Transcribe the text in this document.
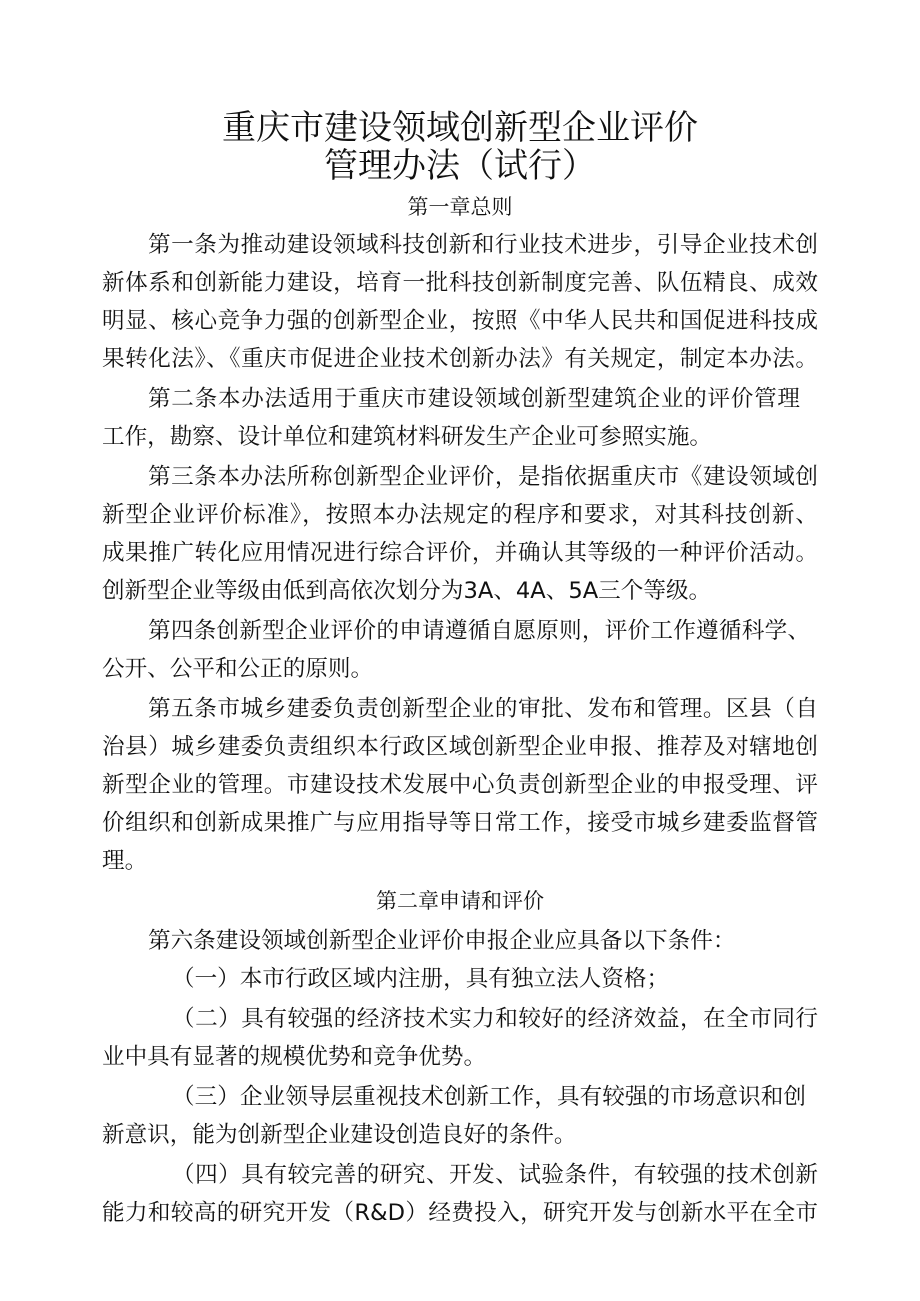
重庆市建设领域创新型企业评价
管理办法（试行）
第一章总则
第一条为推动建设领域科技创新和行业技术进步，引导企业技术创
新体系和创新能力建设，培育一批科技创新制度完善、队伍精良、成效
明显、核心竞争力强的创新型企业，按照《中华人民共和国促进科技成
果转化法》、《重庆市促进企业技术创新办法》有关规定，制定本办法。
第二条本办法适用于重庆市建设领域创新型建筑企业的评价管理
工作，勘察、设计单位和建筑材料研发生产企业可参照实施。
第三条本办法所称创新型企业评价，是指依据重庆市《建设领域创
新型企业评价标准》，按照本办法规定的程序和要求，对其科技创新、
成果推广转化应用情况进行综合评价，并确认其等级的一种评价活动。
创新型企业等级由低到高依次划分为3A、4A、5A三个等级。
第四条创新型企业评价的申请遵循自愿原则，评价工作遵循科学、
公开、公平和公正的原则。
第五条市城乡建委负责创新型企业的审批、发布和管理。区县（自
治县）城乡建委负责组织本行政区域创新型企业申报、推荐及对辖地创
新型企业的管理。市建设技术发展中心负责创新型企业的申报受理、评
价组织和创新成果推广与应用指导等日常工作，接受市城乡建委监督管
理。
第二章申请和评价
第六条建设领域创新型企业评价申报企业应具备以下条件：
（一）本市行政区域内注册，具有独立法人资格；
（二）具有较强的经济技术实力和较好的经济效益，在全市同行
业中具有显著的规模优势和竞争优势。
（三）企业领导层重视技术创新工作，具有较强的市场意识和创
新意识，能为创新型企业建设创造良好的条件。
（四）具有较完善的研究、开发、试验条件，有较强的技术创新
能力和较高的研究开发（R&D）经费投入，研究开发与创新水平在全市
